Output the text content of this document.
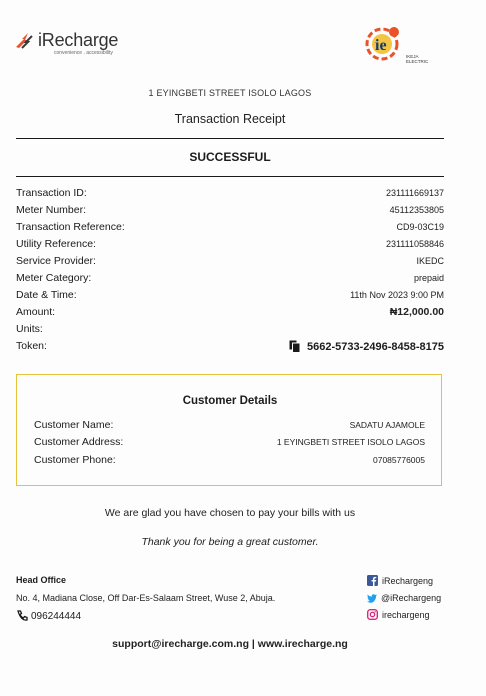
iRecharge
convenience . accessibility	ie
IKEJA ELECTRIC
1 EYINGBETI STREET ISOLO LAGOS
Transaction Receipt
SUCCESSFUL
Transaction ID:	231111669137
Meter Number:	45112353805
Transaction Reference:	CD9-03C19
Utility Reference:	231111058846
Service Provider:	IKEDC
Meter Category:	prepaid
Date & Time:	11th Nov 2023 9:00 PM
Amount:	₦12,000.00
Units:
Token:	5662-5733-2496-8458-8175
Customer Details
Customer Name:	SADATU AJAMOLE
Customer Address:	1 EYINGBETI STREET ISOLO LAGOS
Customer Phone:	07085776005
We are glad you have chosen to pay your bills with us
Thank you for being a great customer.
Head Office
No. 4, Madiana Close, Off Dar-Es-Salaam Street, Wuse 2, Abuja.
096244444
iRechargeng
@iRechargeng
irechargeng
support@irecharge.com.ng | www.irecharge.ng
